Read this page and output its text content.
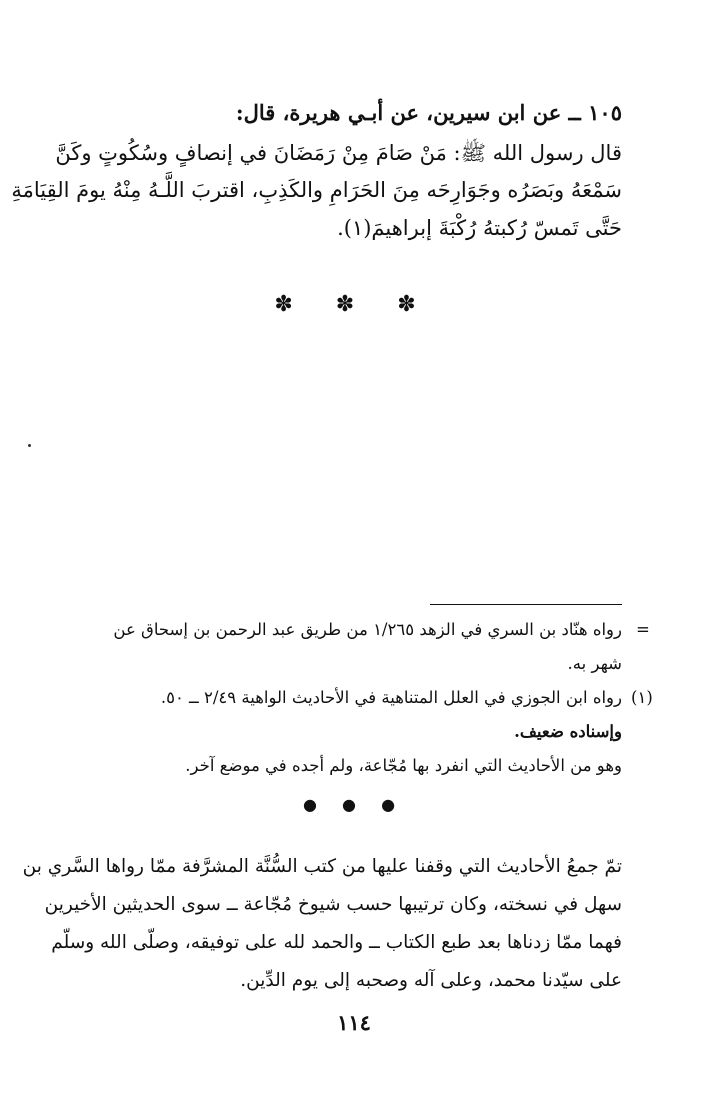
١٠٥ ــ عن ابن سيرين، عن أبـي هريرة، قال:
قال رسول الله ﷺ: مَنْ صَامَ مِنْ رَمَضَانَ في إنصافٍ وسُكُوتٍ وكَنَّ
سَمْعَهُ وبَصَرُه وجَوَارِحَه مِنَ الحَرَامِ والكَذِبِ، اقتربَ اللَّـهُ مِنْهُ يومَ القِيَامَةِ
حَتَّى تَمسّ رُكبتهُ رُكْبَةَ إبراهيمَ(١).
✽ ✽ ✽
=
رواه هنّاد بن السري في الزهد ١/٢٦٥ من طريق عبد الرحمن بن إسحاق عن
شهر به.
(١)
رواه ابن الجوزي في العلل المتناهية في الأحاديث الواهية ٢/٤٩ ــ ٥٠.
وإسناده ضعيف.
وهو من الأحاديث التي انفرد بها مُجّاعة، ولم أجده في موضع آخر.
● ● ●
تمّ جمعُ الأحاديث التي وقفنا عليها من كتب السُّنَّة المشرَّفة ممّا رواها السَّري بن
سهل في نسخته، وكان ترتيبها حسب شيوخ مُجّاعة ــ سوى الحديثين الأخيرين
فهما ممّا زدناها بعد طبع الكتاب ــ والحمد لله على توفيقه، وصلّى الله وسلّم
على سيّدنا محمد، وعلى آله وصحبه إلى يوم الدِّين.
١١٤
